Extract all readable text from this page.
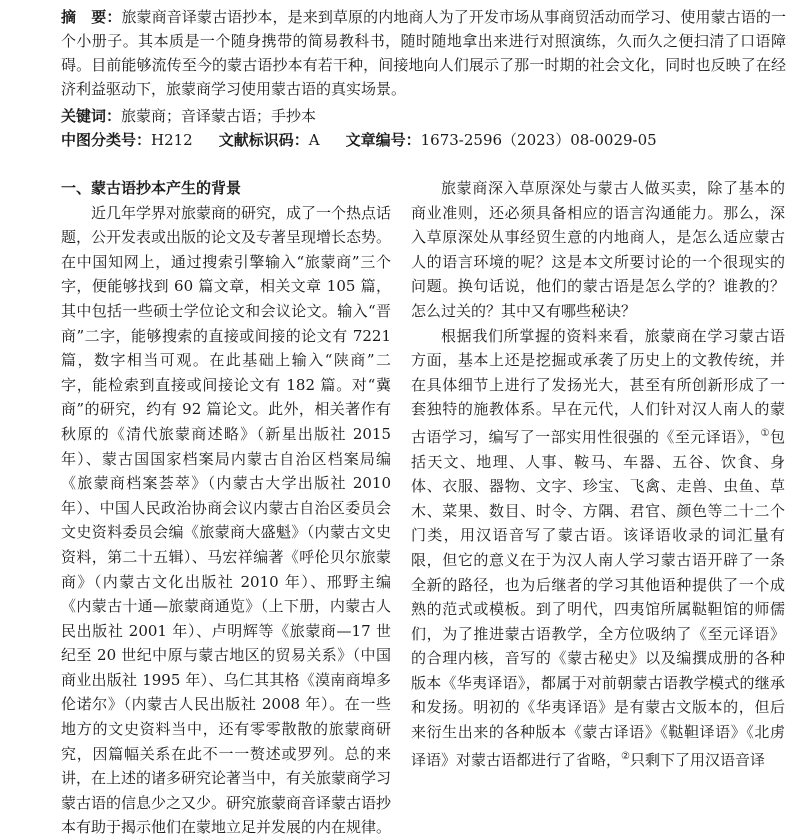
摘　要：旅蒙商音译蒙古语抄本，是来到草原的内地商人为了开发市场从事商贸活动而学习、使用蒙古语的一个小册子。其本质是一个随身携带的简易教科书，随时随地拿出来进行对照演练，久而久之便扫清了口语障碍。目前能够流传至今的蒙古语抄本有若干种，间接地向人们展示了那一时期的社会文化，同时也反映了在经济利益驱动下，旅蒙商学习使用蒙古语的真实场景。
关键词：旅蒙商；音译蒙古语；手抄本
中图分类号：H212 文献标识码：A 文章编号：1673-2596（2023）08-0029-05
一、蒙古语抄本产生的背景

近几年学界对旅蒙商的研究，成了一个热点话题，公开发表或出版的论文及专著呈现增长态势。在中国知网上，通过搜索引擎输入“旅蒙商”三个字，便能够找到 60 篇文章，相关文章 105 篇，其中包括一些硕士学位论文和会议论文。输入“晋商”二字，能够搜索的直接或间接的论文有 7221 篇，数字相当可观。在此基础上输入“陕商”二字，能检索到直接或间接论文有 182 篇。对“冀商”的研究，约有 92 篇论文。此外，相关著作有秋原的《清代旅蒙商述略》（新星出版社 2015 年）、蒙古国国家档案局内蒙古自治区档案局编《旅蒙商档案荟萃》（内蒙古大学出版社 2010 年）、中国人民政治协商会议内蒙古自治区委员会文史资料委员会编《旅蒙商大盛魁》（内蒙古文史资料，第二十五辑）、马宏祥编著《呼伦贝尔旅蒙商》（内蒙古文化出版社 2010 年）、邢野主编《内蒙古十通—旅蒙商通览》（上下册，内蒙古人民出版社 2001 年）、卢明辉等《旅蒙商—17 世纪至 20 世纪中原与蒙古地区的贸易关系》（中国商业出版社 1995 年）、乌仁其其格《漠南商埠多伦诺尔》（内蒙古人民出版社 2008 年）。在一些地方的文史资料当中，还有零零散散的旅蒙商研究，因篇幅关系在此不一一赘述或罗列。总的来讲，在上述的诸多研究论著当中，有关旅蒙商学习蒙古语的信息少之又少。研究旅蒙商音译蒙古语抄本有助于揭示他们在蒙地立足并发展的内在规律。

旅蒙商深入草原深处与蒙古人做买卖，除了基本的商业准则，还必须具备相应的语言沟通能力。那么，深入草原深处从事经贸生意的内地商人，是怎么适应蒙古人的语言环境的呢？这是本文所要讨论的一个很现实的问题。换句话说，他们的蒙古语是怎么学的？谁教的？怎么过关的？其中又有哪些秘诀？

根据我们所掌握的资料来看，旅蒙商在学习蒙古语方面，基本上还是挖掘或承袭了历史上的文教传统，并在具体细节上进行了发扬光大，甚至有所创新形成了一套独特的施教体系。早在元代，人们针对汉人南人的蒙古语学习，编写了一部实用性很强的《至元译语》，①包括天文、地理、人事、鞍马、车器、五谷、饮食、身体、衣服、器物、文字、珍宝、飞禽、走兽、虫鱼、草木、菜果、数目、时令、方隅、君官、颜色等二十二个门类，用汉语音写了蒙古语。该译语收录的词汇量有限，但它的意义在于为汉人南人学习蒙古语开辟了一条全新的路径，也为后继者的学习其他语种提供了一个成熟的范式或模板。到了明代，四夷馆所属鞑靼馆的师儒们，为了推进蒙古语教学，全方位吸纳了《至元译语》的合理内核，音写的《蒙古秘史》以及编撰成册的各种版本《华夷译语》，都属于对前朝蒙古语教学模式的继承和发扬。明初的《华夷译语》是有蒙古文版本的，但后来衍生出来的各种版本《蒙古译语》《鞑靼译语》《北虏译语》对蒙古语都进行了省略，②只剩下了用汉语音译
